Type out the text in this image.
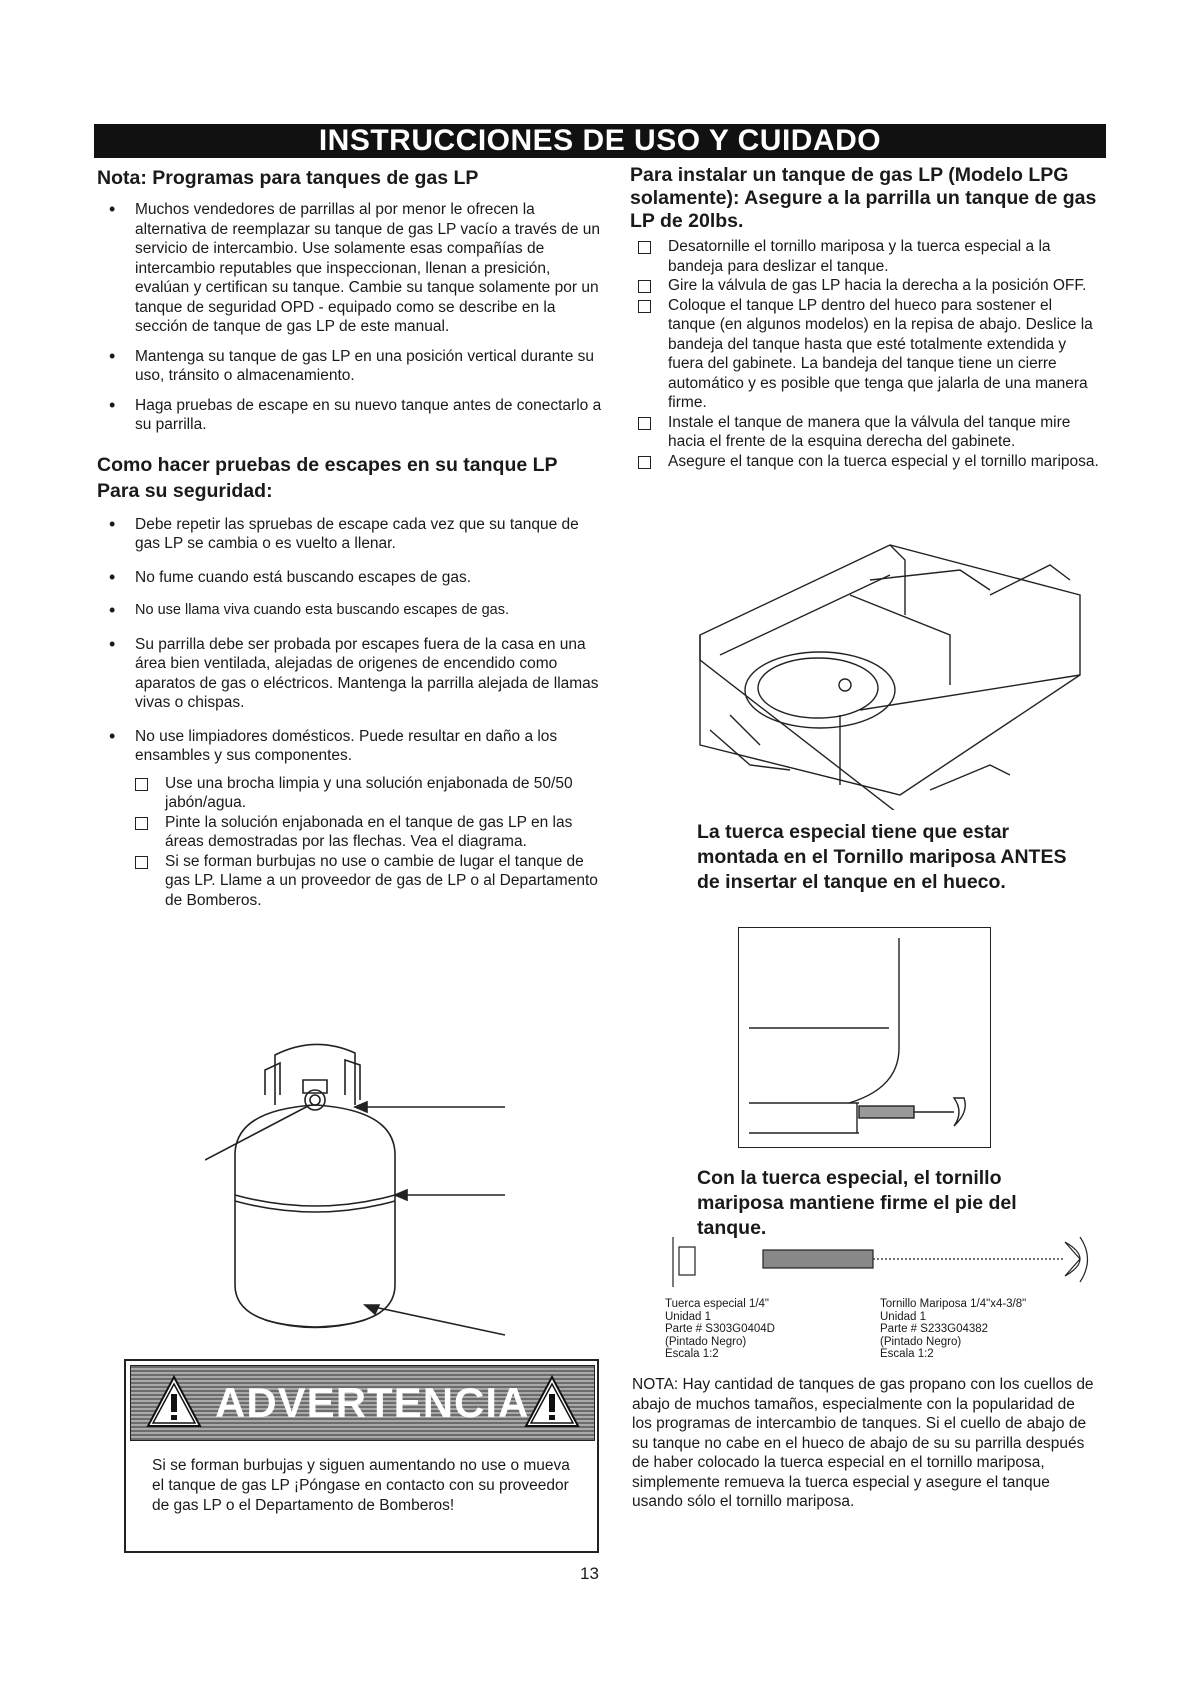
INSTRUCCIONES DE USO Y CUIDADO

Nota: Programas para tanques de gas LP

• Muchos vendedores de parrillas al por menor le ofrecen la alternativa de reemplazar su tanque de gas LP vacío a través de un servicio de intercambio. Use solamente esas compañías de intercambio reputables que inspeccionan, llenan a presición, evalúan y certifican su tanque. Cambie su tanque solamente por un tanque de seguridad OPD - equipado como se describe en la sección de tanque de gas LP de este manual.
• Mantenga su tanque de gas LP en una posición vertical durante su uso, tránsito o almacenamiento.
• Haga pruebas de escape en su nuevo tanque antes de conectarlo a su parrilla.

Como hacer pruebas de escapes en su tanque LP

Para su seguridad:

• Debe repetir las spruebas de escape cada vez que su tanque de gas LP se cambia o es vuelto a llenar.
• No fume cuando está buscando escapes de gas.
• No use llama viva cuando esta buscando escapes de gas.
• Su parrilla debe ser probada por escapes fuera de la casa en una área bien ventilada, alejadas de origenes de encendido como aparatos de gas o eléctricos. Mantenga la parrilla alejada de llamas vivas o chispas.
• No use limpiadores domésticos. Puede resultar en daño a los ensambles y sus componentes.
Use una brocha limpia y una solución enjabonada de 50/50 jabón/agua.
Pinte la solución enjabonada en el tanque de gas LP en las áreas demostradas por las flechas. Vea el diagrama.
Si se forman burbujas no use o cambie de lugar el tanque de gas LP. Llame a un proveedor de gas de LP o al Departamento de Bomberos.
ADVERTENCIA
Si se forman burbujas y siguen aumentando no use o mueva el tanque de gas LP ¡Póngase en contacto con su proveedor de gas LP o el Departamento de Bomberos!

Para instalar un tanque de gas LP (Modelo LPG solamente): Asegure a la parrilla un tanque de gas LP de 20lbs.

Desatornille el tornillo mariposa y la tuerca especial a la bandeja para deslizar el tanque.
Gire la válvula de gas LP hacia la derecha a la posición OFF.
Coloque el tanque LP dentro del hueco para sostener el tanque (en algunos modelos) en la repisa de abajo. Deslice la bandeja del tanque hasta que esté totalmente extendida y fuera del gabinete. La bandeja del tanque tiene un cierre automático y es posible que tenga que jalarla de una manera firme.
Instale el tanque de manera que la válvula del tanque mire hacia el frente de la esquina derecha del gabinete.
Asegure el tanque con la tuerca especial y el tornillo mariposa.
La tuerca especial tiene que estar montada en el Tornillo mariposa ANTES de insertar el tanque en el hueco.
Con la tuerca especial, el tornillo mariposa mantiene firme el pie del tanque.
Tuerca especial 1/4"
Unidad 1
Parte # S303G0404D
(Pintado Negro)
Escala 1:2
Tornillo Mariposa 1/4"x4-3/8"
Unidad 1
Parte # S233G04382
(Pintado Negro)
Escala 1:2
NOTA: Hay cantidad de tanques de gas propano con los cuellos de abajo de muchos tamaños, especialmente con la popularidad de los programas de intercambio de tanques. Si el cuello de abajo de su tanque no cabe en el hueco de abajo de su su parrilla después de haber colocado la tuerca especial en el tornillo mariposa, simplemente remueva la tuerca especial y asegure el tanque usando sólo el tornillo mariposa.
13
